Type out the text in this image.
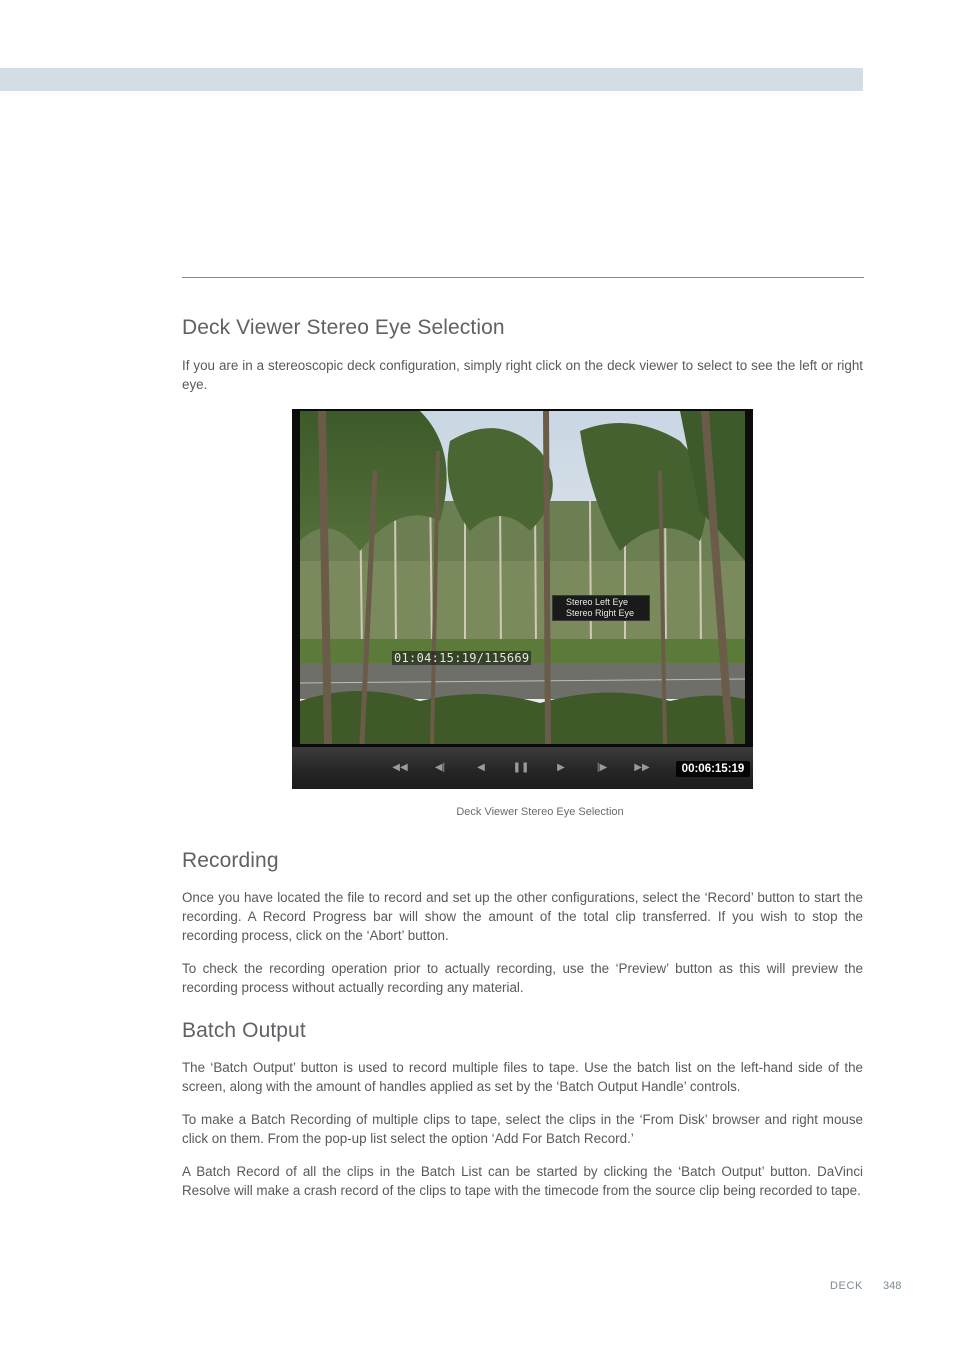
Deck Viewer Stereo Eye Selection

If you are in a stereoscopic deck configuration, simply right click on the deck viewer to select to see the left or right eye.

Stereo Left Eye
Stereo Right Eye
01:04:15:19/115669
◀◀	◀|	◀	❚❚	▶	|▶	▶▶	00:06:15:19
Deck Viewer Stereo Eye Selection
Recording

Once you have located the file to record and set up the other configurations, select the ‘Record’ button to start the recording. A Record Progress bar will show the amount of the total clip transferred. If you wish to stop the recording process, click on the ‘Abort’ button.

To check the recording operation prior to actually recording, use the ‘Preview’ button as this will preview the recording process without actually recording any material.

Batch Output

The ‘Batch Output’ button is used to record multiple files to tape. Use the batch list on the left-hand side of the screen, along with the amount of handles applied as set by the ‘Batch Output Handle’ controls.

To make a Batch Recording of multiple clips to tape, select the clips in the ‘From Disk’ browser and right mouse click on them. From the pop-up list select the option ‘Add For Batch Record.’

A Batch Record of all the clips in the Batch List can be started by clicking the ‘Batch Output’ button. DaVinci Resolve will make a crash record of the clips to tape with the timecode from the source clip being recorded to tape.

DECK 348
